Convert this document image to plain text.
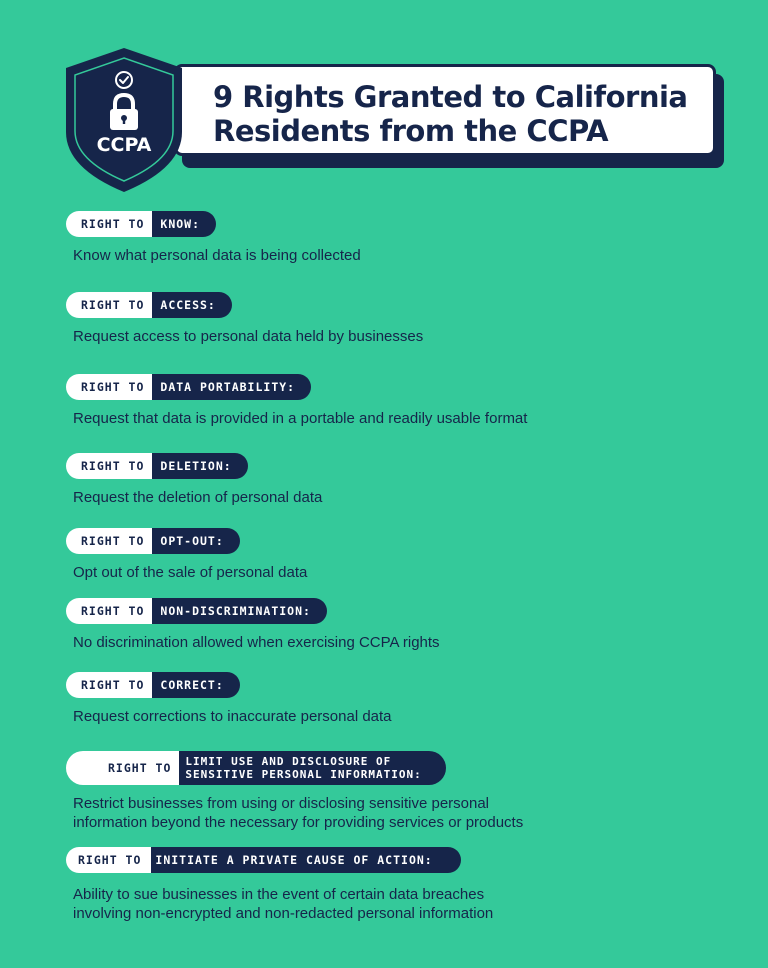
9 Rights Granted to California
Residents from the CCPA
CCPA
RIGHT TO	KNOW:
Know what personal data is being collected
RIGHT TO	ACCESS:
Request access to personal data held by businesses
RIGHT TO	DATA PORTABILITY:
Request that data is provided in a portable and readily usable format
RIGHT TO	DELETION:
Request the deletion of personal data
RIGHT TO	OPT-OUT:
Opt out of the sale of personal data
RIGHT TO	NON-DISCRIMINATION:
No discrimination allowed when exercising CCPA rights
RIGHT TO	CORRECT:
Request corrections to inaccurate personal data
RIGHT TO	LIMIT USE AND DISCLOSURE OF
SENSITIVE PERSONAL INFORMATION:
Restrict businesses from using or disclosing sensitive personal
information beyond the necessary for providing services or products
RIGHT TO	INITIATE A PRIVATE CAUSE OF ACTION:
Ability to sue businesses in the event of certain data breaches
involving non-encrypted and non-redacted personal information
